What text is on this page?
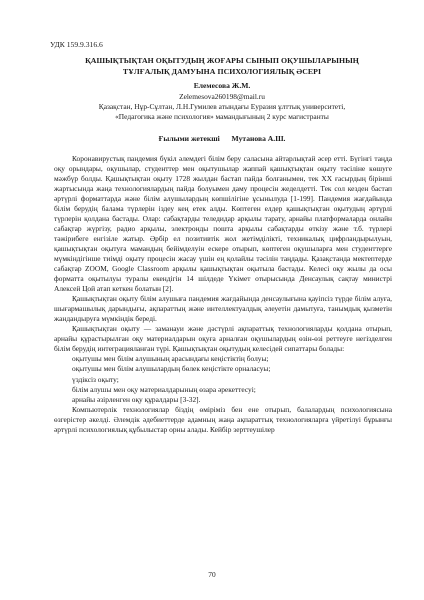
УДК 159.9.316.6
ҚАШЫҚТЫҚТАН ОҚЫТУДЫҢ ЖОҒАРЫ СЫНЫП ОҚУШЫЛАРЫНЫҢ
ТҰЛҒАЛЫҚ ДАМУЫНА ПСИХОЛОГИЯЛЫҚ ӘСЕРІ
Елемесова Ж.М.
Zelemesova260198@mail.ru
Қазақстан, Нұр-Сұлтан, Л.Н.Гумилев атындағы Еуразия ұлттық университеті,
«Педагогика және психология» мамандығының 2 курс магистранты
Ғылыми жетекші Мутанова А.Ш.

Коронавирустық пандемия бүкіл әлемдегі білім беру саласына айтарлықтай әсер етті. Бүгінгі таңда оқу орындары, оқушылар, студенттер мен оқытушылар жаппай қашықтықтан оқыту тәсіліне көшуге мәжбүр болды. Қашықтықтан оқыту 1728 жылдан бастап пайда болғанымен, тек XX ғасырдың бірінші жартысында жаңа технологиялардың пайда болуымен даму процесін жеделдетті. Тек сол кезден бастап әртүрлі форматтарда және білім алушылардың көпшілігіне ұсынылуда [1-199]. Пандемия жағдайында білім берудің балама түрлерін іздеу кең етек алды. Көптеген елдер қашықтықтан оқытудың әртүрлі түрлерін қолдана бастады. Олар: сабақтарды теледидар арқылы тарату, арнайы платформаларда онлайн сабақтар жүргізу, радио арқылы, электронды пошта арқылы сабақтарды өткізу және т.б. түрлері тәжірибеге енгізіле жатыр. Әрбір ел позитивтік жол жетімділікті, техникалық цифрландырылуын, қашықтықтан оқытуға мамандың бейімделуін ескере отырып, көптеген оқушыларға мен студенттерге мүмкіндігінше тиімді оқыту процесін жасау үшін ең қолайлы тәсілін таңдады. Қазақстанда мектептерде сабақтар ZOOM, Google Classroom арқылы қашықтықтан оқытыла бастады. Келесі оқу жылы да осы форматта оқытылуы туралы екендігін 14 шілдеде Үкімет отырысында Денсаулық сақтау министрі Алексей Цой атап кеткен болатын [2].

Қашықтықтан оқыту білім алушыға пандемия жағдайында денсаулығына қауіпсіз түрде білім алуға, шығармашылық дарындығы, ақпараттың және интеллектуалдық әлеуетін дамытуға, танымдық қызметін жандандыруға мүмкіндік береді.

Қашықтықтан оқыту — заманауи және дәстүрлі ақпараттық технологияларды қолдана отырып, арнайы құрастырылған оқу материалдарын оқуға арналған оқушылардың өзін-өзі реттеуге негізделген білім берудің интеграцияланған түрі. Қашықтықтан оқытудың келесідей сипаттары болады:

оқытушы мен білім алушының арасындағы кеңістіктің болуы;
оқытушы мен білім алушылардың бөлек кеңістікте орналасуы;
үздіксіз оқыту;
білім алушы мен оқу материалдарының өзара әрекеттесуі;
арнайы әзірленген оқу құралдары [3-32].

Компьютерлік технологиялар біздің өміріміз бен ене отырып, балалардың психологиясына өзгерістер әкелді. Әлемдік әдебиеттерде адамның жаңа ақпараттық технологияларға үйретілуі бұрынғы әртүрлі психологиялық құбылыстар орны алады. Кейбір зерттеушілер

70
